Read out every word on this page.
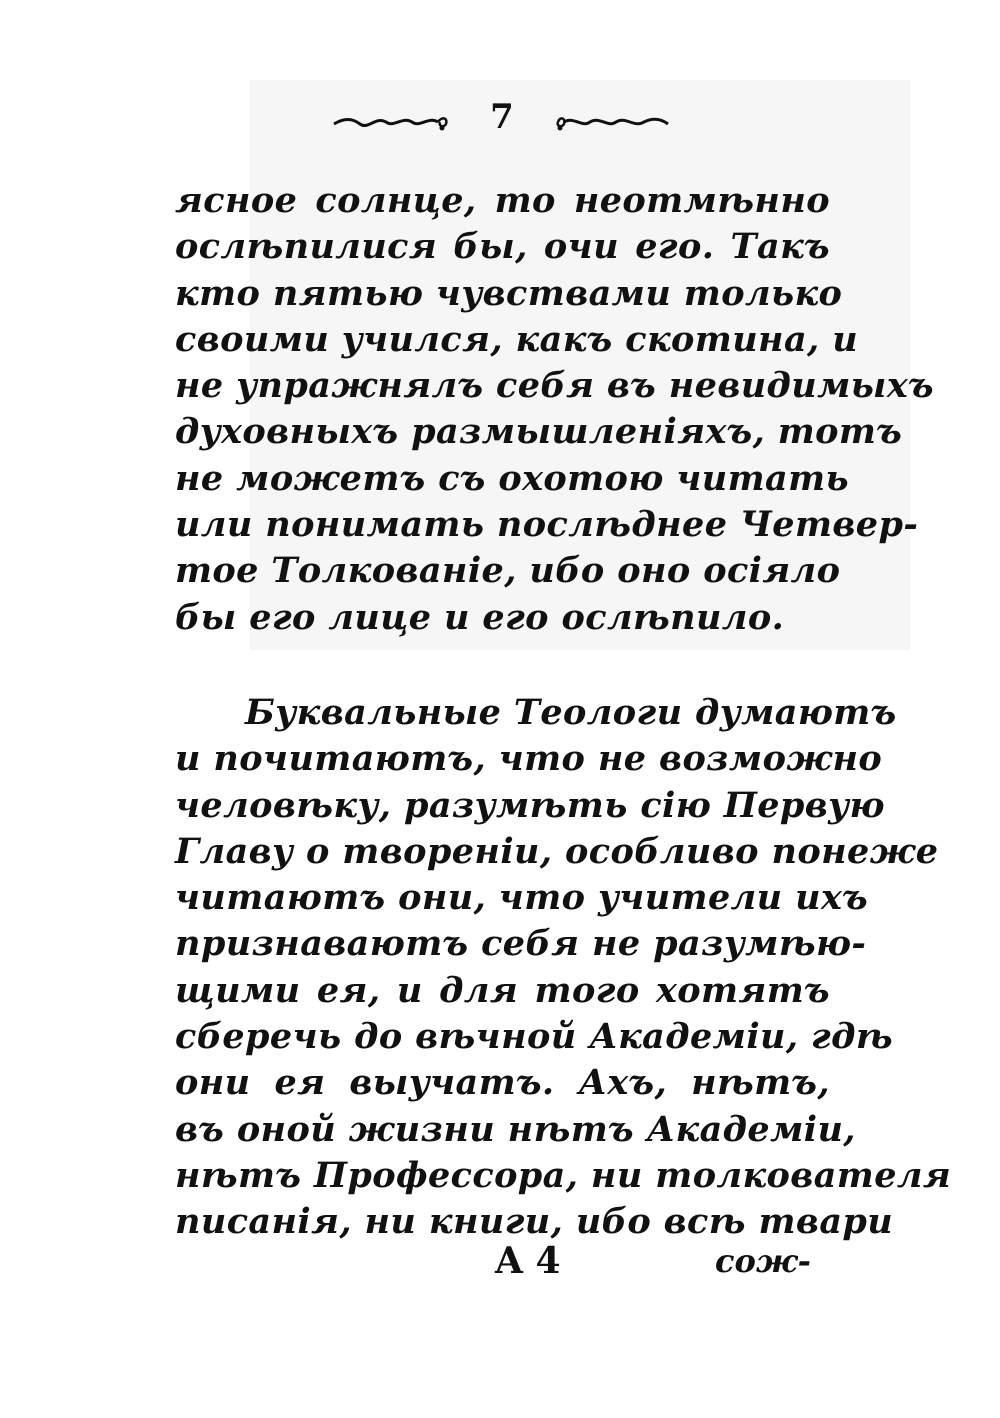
7
ясное солнце, то неотмѣнно
ослѣпилися бы, очи его. Такъ
кто пятью чувствами только
своими учился, какъ скотина, и
не упражнялъ себя въ невидимыхъ
духовныхъ размышленіяхъ, тотъ
не можетъ съ охотою читать
или понимать послѣднее Четвер-
тое Толкованіе, ибо оно осіяло
бы его лице и его ослѣпило.
Буквальные Теологи думаютъ
и почитаютъ, что не возможно
человѣку, разумѣть сію Первую
Главу о твореніи, особливо понеже
читаютъ они, что учители ихъ
признаваютъ себя не разумѣю-
щими ея, и для того хотятъ
сберечь до вѣчной Академіи, гдѣ
они ея выучатъ. Ахъ, нѣтъ,
въ оной жизни нѣтъ Академіи,
нѣтъ Профессора, ни толкователя
писанія, ни книги, ибо всѣ твари
A 4	сож-
